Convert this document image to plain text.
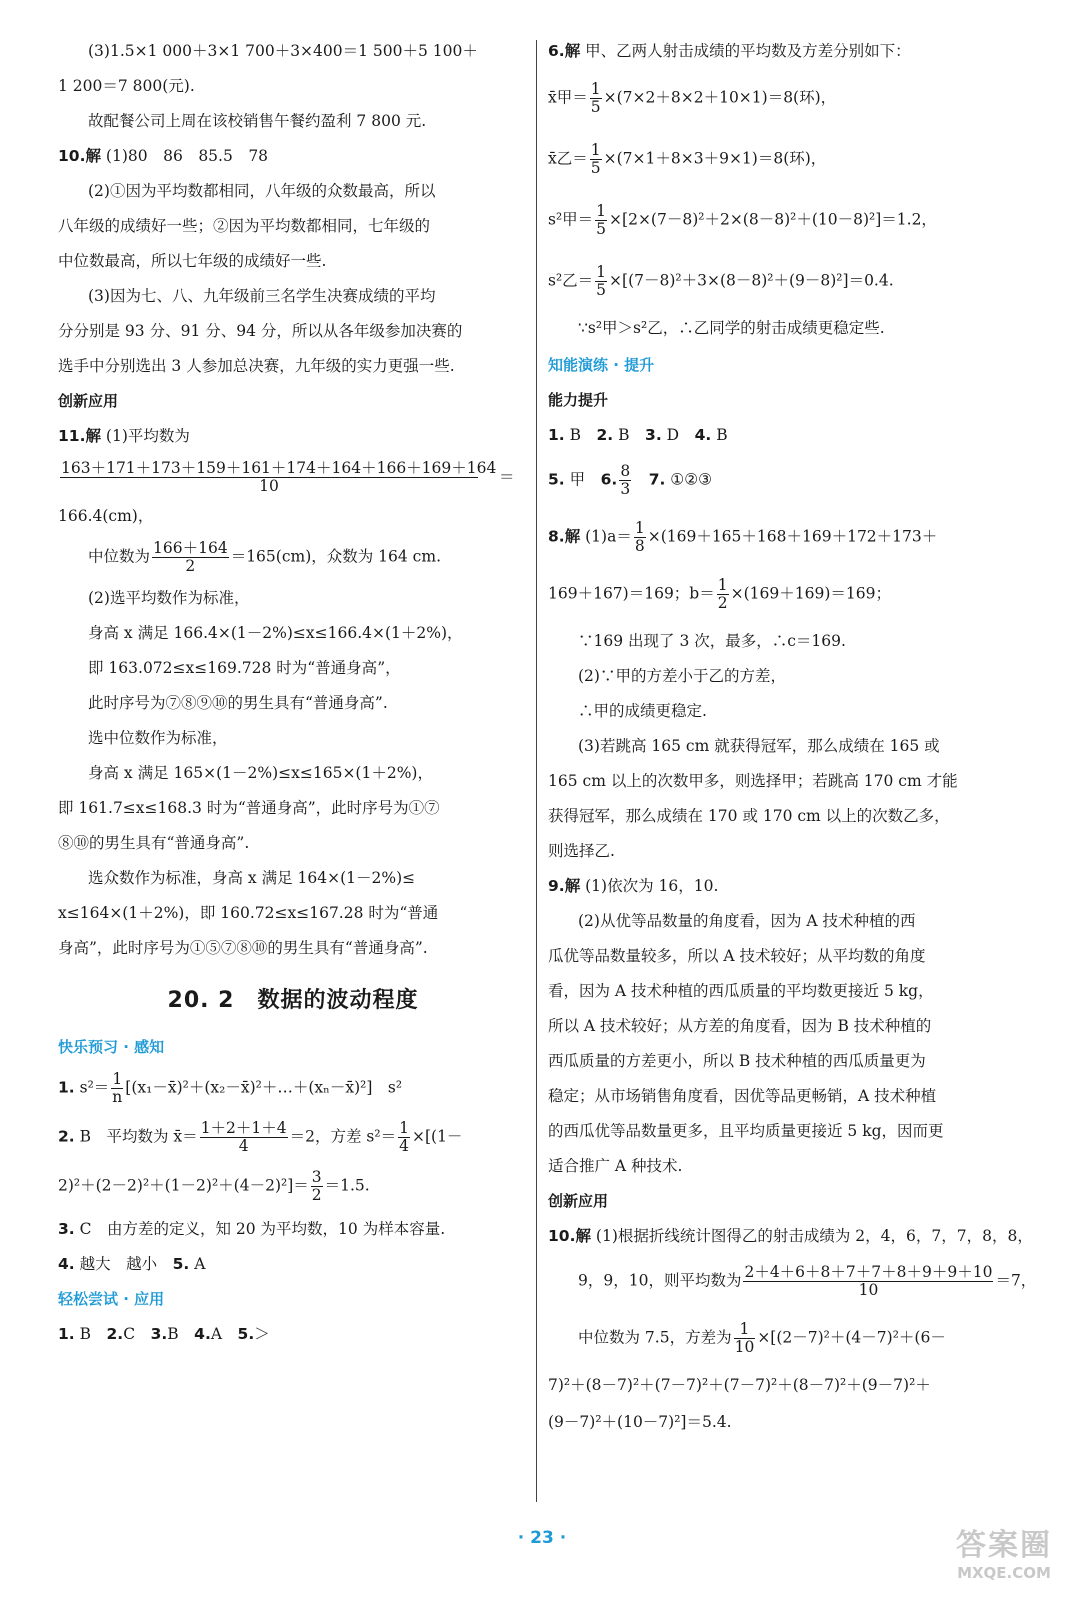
(3)1.5×1 000＋3×1 700＋3×400＝1 500＋5 100＋

1 200＝7 800(元).

故配餐公司上周在该校销售午餐约盈利 7 800 元.

10.解 (1)80　86　85.5　78

(2)①因为平均数都相同，八年级的众数最高，所以

八年级的成绩好一些；②因为平均数都相同，七年级的

中位数最高，所以七年级的成绩好一些.

(3)因为七、八、九年级前三名学生决赛成绩的平均

分分别是 93 分、91 分、94 分，所以从各年级参加决赛的

选手中分别选出 3 人参加总决赛，九年级的实力更强一些.

创新应用

11.解 (1)平均数为

$\frac{163+171+173+159+161+174+164+166+169+164}{10}$ ＝

166.4(cm)，

中位数为 $\frac{166+164}{2} =165(cm)$，众数为 164 cm.

(2)选平均数作为标准，

身高 x 满足 166.4×(1－2%)≤x≤166.4×(1＋2%)，

即 163.072≤x≤169.728 时为“普通身高”，

此时序号为⑦⑧⑨⑩的男生具有“普通身高”.

选中位数作为标准，

身高 x 满足 165×(1－2%)≤x≤165×(1＋2%)，

即 161.7≤x≤168.3 时为“普通身高”，此时序号为①⑦

⑧⑩的男生具有“普通身高”.

选众数作为标准，身高 x 满足 164×(1－2%)≤

x≤164×(1＋2%)，即 160.72≤x≤167.28 时为“普通

身高”，此时序号为①⑤⑦⑧⑩的男生具有“普通身高”.

20. 2　数据的波动程度

快乐预习 · 感知

1. $s^2= \frac{1}{n}$ [(x₁－x̄)²＋(x₂－x̄)²＋…＋(xₙ－x̄)²]　s²
2. B　平均数为 x̄＝ $\frac{1+2+1+4}{4} =2$，方差 $s^2= \frac{1}{4} \times[(1-$
$2)^2+(2-2)^2+(1-2)^2+(4-2)^2]= \frac{3}{2} =1.5$.

3. C　由方差的定义，知 20 为平均数，10 为样本容量.

4. 越大　越小　5. A

轻松尝试 · 应用

1. B　2.C　3.B　4.A　5.＞

6.解 甲、乙两人射击成绩的平均数及方差分别如下：

x̄甲＝ $\frac{1}{5} \times(7\times 2+8\times 2+10\times 1)=8$(环)，
x̄乙＝ $\frac{1}{5} \times(7\times 1+8\times 3+9\times 1)=8$(环)，
s²甲＝ $\frac{1}{5} \times[2\times(7-8)^2+2\times(8-8)^2+(10-8)^2]=1.2$，
s²乙＝ $\frac{1}{5} \times[(7-8)^2+3\times(8-8)^2+(9-8)^2]=0.4$.

∵s²甲＞s²乙，∴乙同学的射击成绩更稳定些.

知能演练 · 提升

能力提升

1. B　2. B　3. D　4. B

5. 甲　6. $\frac{8}{3}$ 　7. ①②③
8.解 $(1)a= \frac{1}{8} \times(169+165+168+169+172+173+$
169＋167)＝169；$b= \frac{1}{2} \times(169+169)=169$；

∵169 出现了 3 次，最多，∴c＝169.

(2)∵甲的方差小于乙的方差，

∴甲的成绩更稳定.

(3)若跳高 165 cm 就获得冠军，那么成绩在 165 或

165 cm 以上的次数甲多，则选择甲；若跳高 170 cm 才能

获得冠军，那么成绩在 170 或 170 cm 以上的次数乙多，

则选择乙.

9.解 (1)依次为 16，10.

(2)从优等品数量的角度看，因为 A 技术种植的西

瓜优等品数量较多，所以 A 技术较好；从平均数的角度

看，因为 A 技术种植的西瓜质量的平均数更接近 5 kg，

所以 A 技术较好；从方差的角度看，因为 B 技术种植的

西瓜质量的方差更小，所以 B 技术种植的西瓜质量更为

稳定；从市场销售角度看，因优等品更畅销，A 技术种植

的西瓜优等品数量更多，且平均质量更接近 5 kg，因而更

适合推广 A 种技术.

创新应用

10.解 (1)根据折线统计图得乙的射击成绩为 2，4，6，7，7，8，8，

9，9，10，则平均数为 $\frac{2+4+6+8+7+7+8+9+9+10}{10} =7$，
中位数为 7.5，方差为 $\frac{1}{10} \times[(2-7)^2+(4-7)^2+(6-$

7)²＋(8－7)²＋(7－7)²＋(7－7)²＋(8－7)²＋(9－7)²＋

(9－7)²＋(10－7)²]＝5.4.

· 23 ·	答案圈
MXQE.COM
